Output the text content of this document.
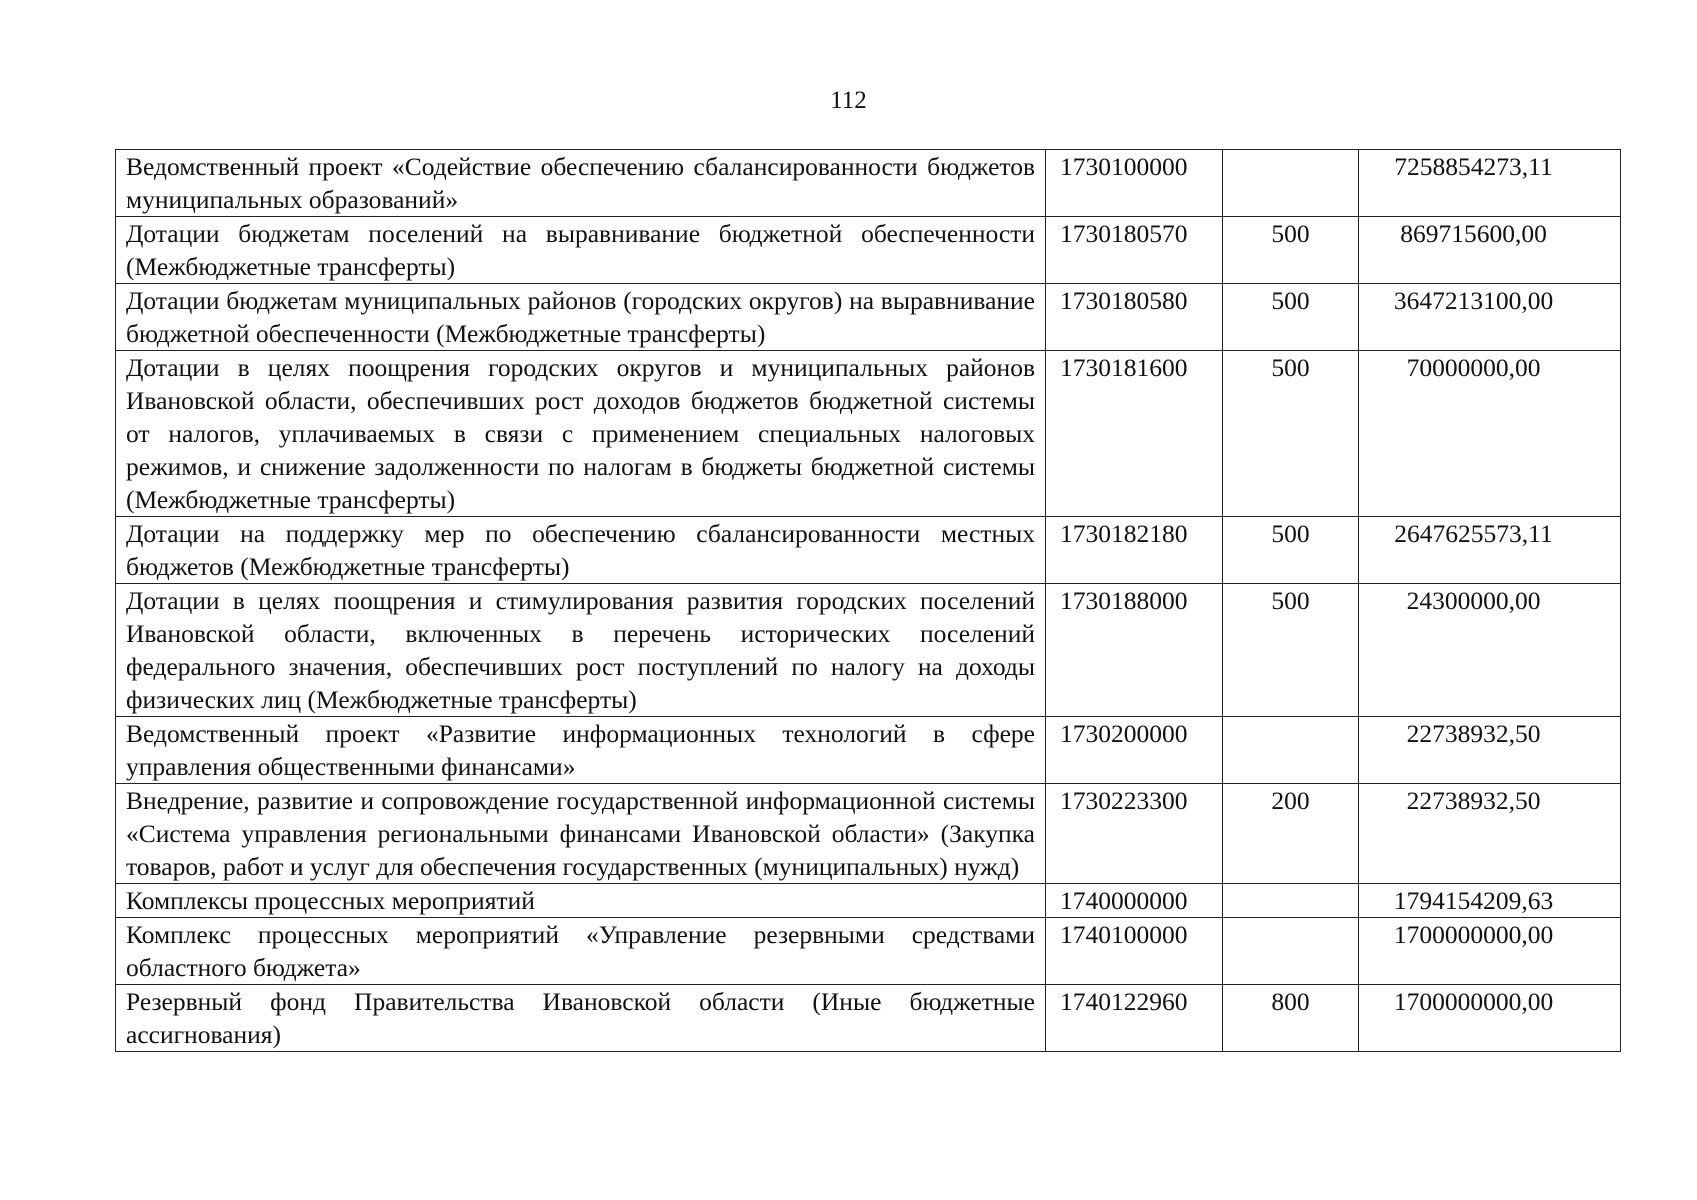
112
Ведомственный проект «Содействие обеспечению сбалансированности бюджетов муниципальных образований»	1730100000		7258854273,11
Дотации бюджетам поселений на выравнивание бюджетной обеспеченности (Межбюджетные трансферты)	1730180570	500	869715600,00
Дотации бюджетам муниципальных районов (городских округов) на выравнивание бюджетной обеспеченности (Межбюджетные трансферты)	1730180580	500	3647213100,00
Дотации в целях поощрения городских округов и муниципальных районов Ивановской области, обеспечивших рост доходов бюджетов бюджетной системы от налогов, уплачиваемых в связи с применением специальных налоговых режимов, и снижение задолженности по налогам в бюджеты бюджетной системы (Межбюджетные трансферты)	1730181600	500	70000000,00
Дотации на поддержку мер по обеспечению сбалансированности местных бюджетов (Межбюджетные трансферты)	1730182180	500	2647625573,11
Дотации в целях поощрения и стимулирования развития городских поселений Ивановской области, включенных в перечень исторических поселений федерального значения, обеспечивших рост поступлений по налогу на доходы физических лиц (Межбюджетные трансферты)	1730188000	500	24300000,00
Ведомственный проект «Развитие информационных технологий в сфере управления общественными финансами»	1730200000		22738932,50
Внедрение, развитие и сопровождение государственной информационной системы «Система управления региональными финансами Ивановской области» (Закупка товаров, работ и услуг для обеспечения государственных (муниципальных) нужд)	1730223300	200	22738932,50
Комплексы процессных мероприятий	1740000000		1794154209,63
Комплекс процессных мероприятий «Управление резервными средствами областного бюджета»	1740100000		1700000000,00
Резервный фонд Правительства Ивановской области (Иные бюджетные ассигнования)	1740122960	800	1700000000,00
